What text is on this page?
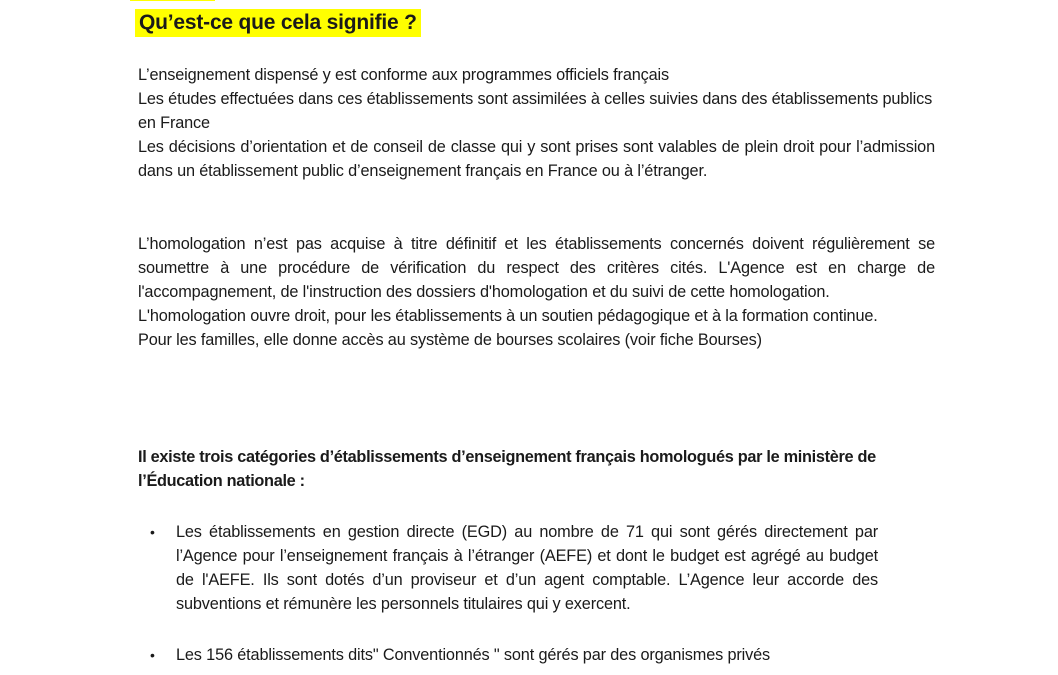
Qu’est-ce que cela signifie ?

L’enseignement dispensé y est conforme aux programmes officiels français

Les études effectuées dans ces établissements sont assimilées à celles suivies dans des établissements publics en France

Les décisions d’orientation et de conseil de classe qui y sont prises sont valables de plein droit pour l’admission dans un établissement public d’enseignement français en France ou à l’étranger.

L’homologation n’est pas acquise à titre définitif et les établissements concernés doivent régulièrement se soumettre à une procédure de vérification du respect des critères cités. L'Agence est en charge de l'accompagnement, de l'instruction des dossiers d'homologation et du suivi de cette homologation.

L'homologation ouvre droit, pour les établissements à un soutien pédagogique et à la formation continue.

Pour les familles, elle donne accès au système de bourses scolaires (voir fiche Bourses)

Il existe trois catégories d’établissements d’enseignement français homologués par le ministère de l’Éducation nationale :

• Les établissements en gestion directe (EGD) au nombre de 71 qui sont gérés directement par l’Agence pour l’enseignement français à l’étranger (AEFE) et dont le budget est agrégé au budget de l'AEFE. Ils sont dotés d’un proviseur et d’un agent comptable. L’Agence leur accorde des subventions et rémunère les personnels titulaires qui y exercent.
• Les 156 établissements dits" Conventionnés " sont gérés par des organismes privés
